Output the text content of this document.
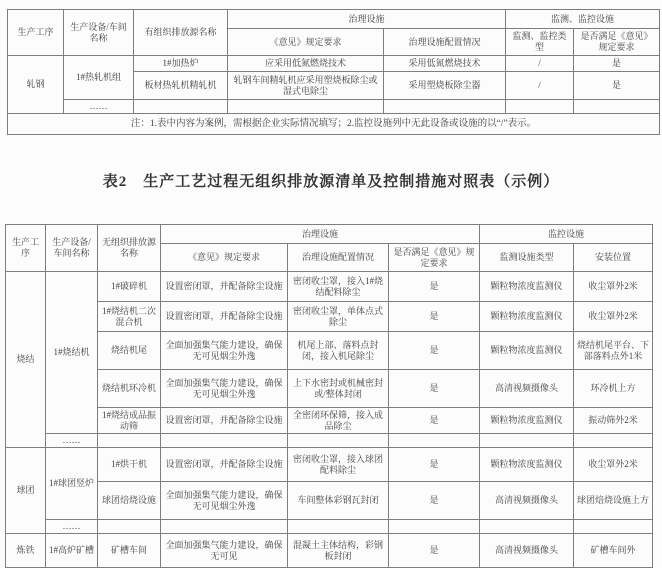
生产工序	生产设备/车间名称	有组织排放源名称	治理设施		监测、监控设施	
			《意见》规定要求	治理设施配置情况	监测、监控类型	是否满足《意见》规定要求
轧钢	1#热轧机组	1#加热炉	应采用低氮燃烧技术	采用低氮燃烧技术	/	是
		板材热轧机精轧机	轧钢车间精轧机应采用塑烧板除尘或湿式电除尘	采用塑烧板除尘器	/	是
	……					
注：1.表中内容为案例，需根据企业实际情况填写；2.监控设施列中无此设备或设施的以“/”表示。						
表2　生产工艺过程无组织排放源清单及控制措施对照表（示例）
生产工序	生产设备/车间名称	无组织排放源名称	治理设施			监控设施	
			《意见》规定要求	治理设施配置情况	是否满足《意见》规定要求	监测设施类型	安装位置
烧结	1#烧结机	1#破碎机	设置密闭罩，并配备除尘设施	密闭收尘罩，接入1#烧结配料除尘	是	颗粒物浓度监测仪	收尘罩外2米
		1#烧结机二次混合机	设置密闭罩，并配备除尘设施	密闭收尘罩，单体点式除尘	是	颗粒物浓度监测仪	收尘罩外2米
		烧结机尾	全面加强集气能力建设，确保无可见烟尘外逸	机尾上部、落料点封闭，接入机尾除尘	是	颗粒物浓度监测仪	烧结机尾平台、下部落料点外1米
		烧结机环冷机	全面加强集气能力建设，确保无可见烟尘外逸	上下水密封或机械密封或/整体封闭	是	高清视频摄像头	环冷机上方
		1#烧结成品振动筛	设置密闭罩，并配备除尘设施	全密闭环保筛，接入成品除尘	是	颗粒物浓度监测仪	振动筛外2米
	……						
球团	1#球团竖炉	1#烘干机	设置密闭罩，并配备除尘设施	密闭收尘罩，接入球团配料除尘	是	颗粒物浓度监测仪	收尘罩外2米
		球团焙烧设施	全面加强集气能力建设，确保无可见烟尘外逸	车间整体彩钢瓦封闭	是	高清视频摄像头	球团焙烧设施上方
	……						
炼铁	1#高炉矿槽	矿槽车间	全面加强集气能力建设，确保无可见	混凝土主体结构，彩钢板封闭	是	高清视频摄像头	矿槽车间外
